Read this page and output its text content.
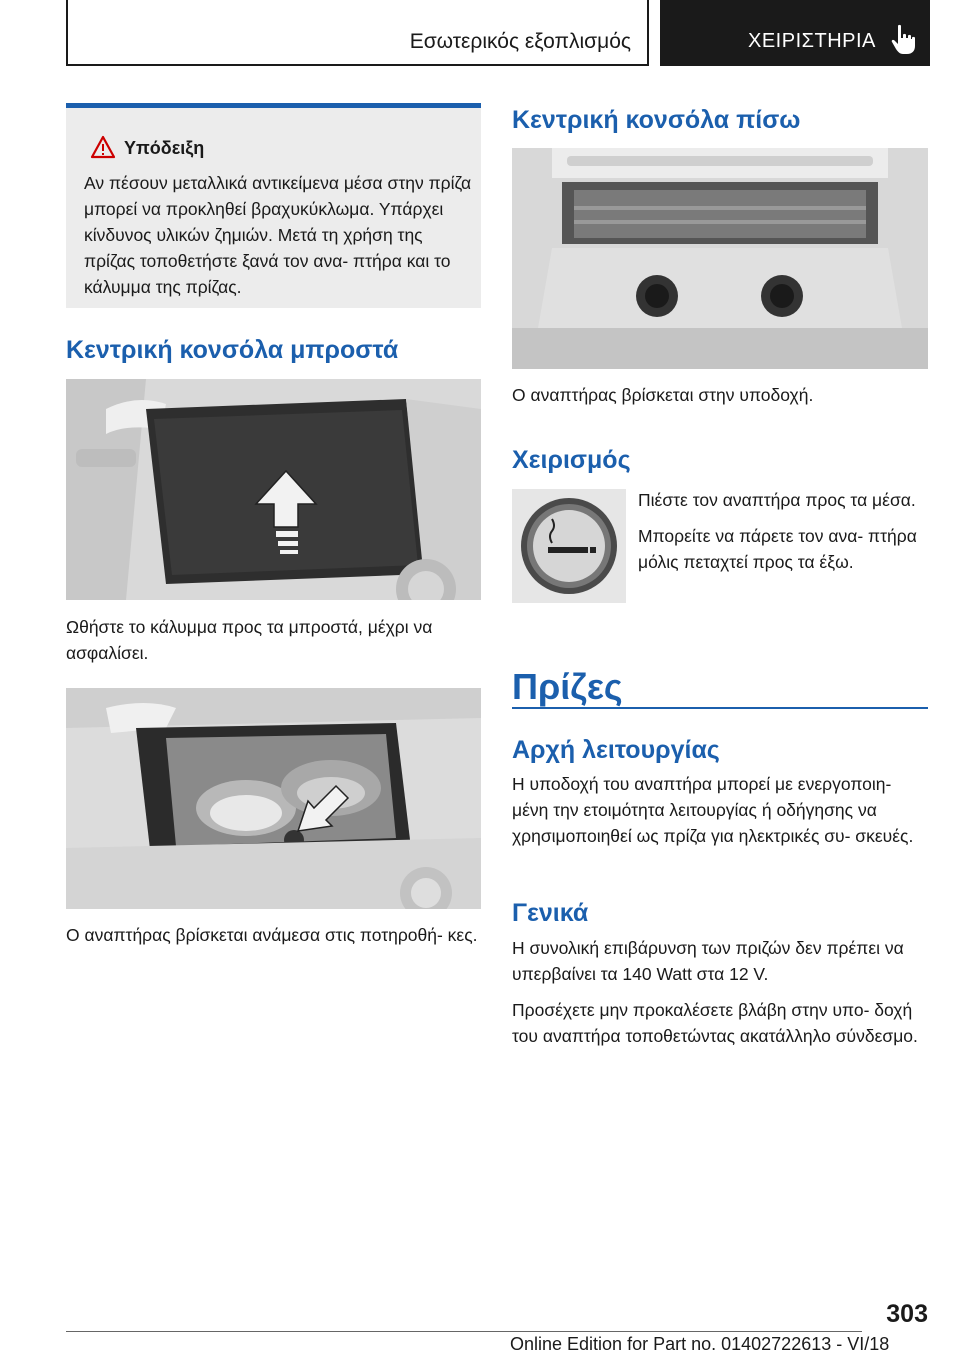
Εσωτερικός εξοπλισμός	ΧΕΙΡΙΣΤΗΡΙΑ
Υπόδειξη
Αν πέσουν μεταλλικά αντικείμενα μέσα στην πρίζα μπορεί να προκληθεί βραχυκύκλωμα. Υπάρχει κίνδυνος υλικών ζημιών. Μετά τη χρήση της πρίζας τοποθετήστε ξανά τον ανα- πτήρα και το κάλυμμα της πρίζας.
Κεντρική κονσόλα μπροστά
Ωθήστε το κάλυμμα προς τα μπροστά, μέχρι να ασφαλίσει.
Ο αναπτήρας βρίσκεται ανάμεσα στις ποτηροθή- κες.
Κεντρική κονσόλα πίσω
Ο αναπτήρας βρίσκεται στην υποδοχή.
Χειρισμός

Πιέστε τον αναπτήρα προς τα μέσα.

Μπορείτε να πάρετε τον ανα- πτήρα μόλις πεταχτεί προς τα έξω.

Πρίζες
Αρχή λειτουργίας
Η υποδοχή του αναπτήρα μπορεί με ενεργοποιη- μένη την ετοιμότητα λειτουργίας ή οδήγησης να χρησιμοποιηθεί ως πρίζα για ηλεκτρικές συ- σκευές.
Γενικά

Η συνολική επιβάρυνση των πριζών δεν πρέπει να υπερβαίνει τα 140 Watt στα 12 V.

Προσέχετε μην προκαλέσετε βλάβη στην υπο- δοχή του αναπτήρα τοποθετώντας ακατάλληλο σύνδεσμο.

303
Online Edition for Part no. 01402722613 - VI/18
